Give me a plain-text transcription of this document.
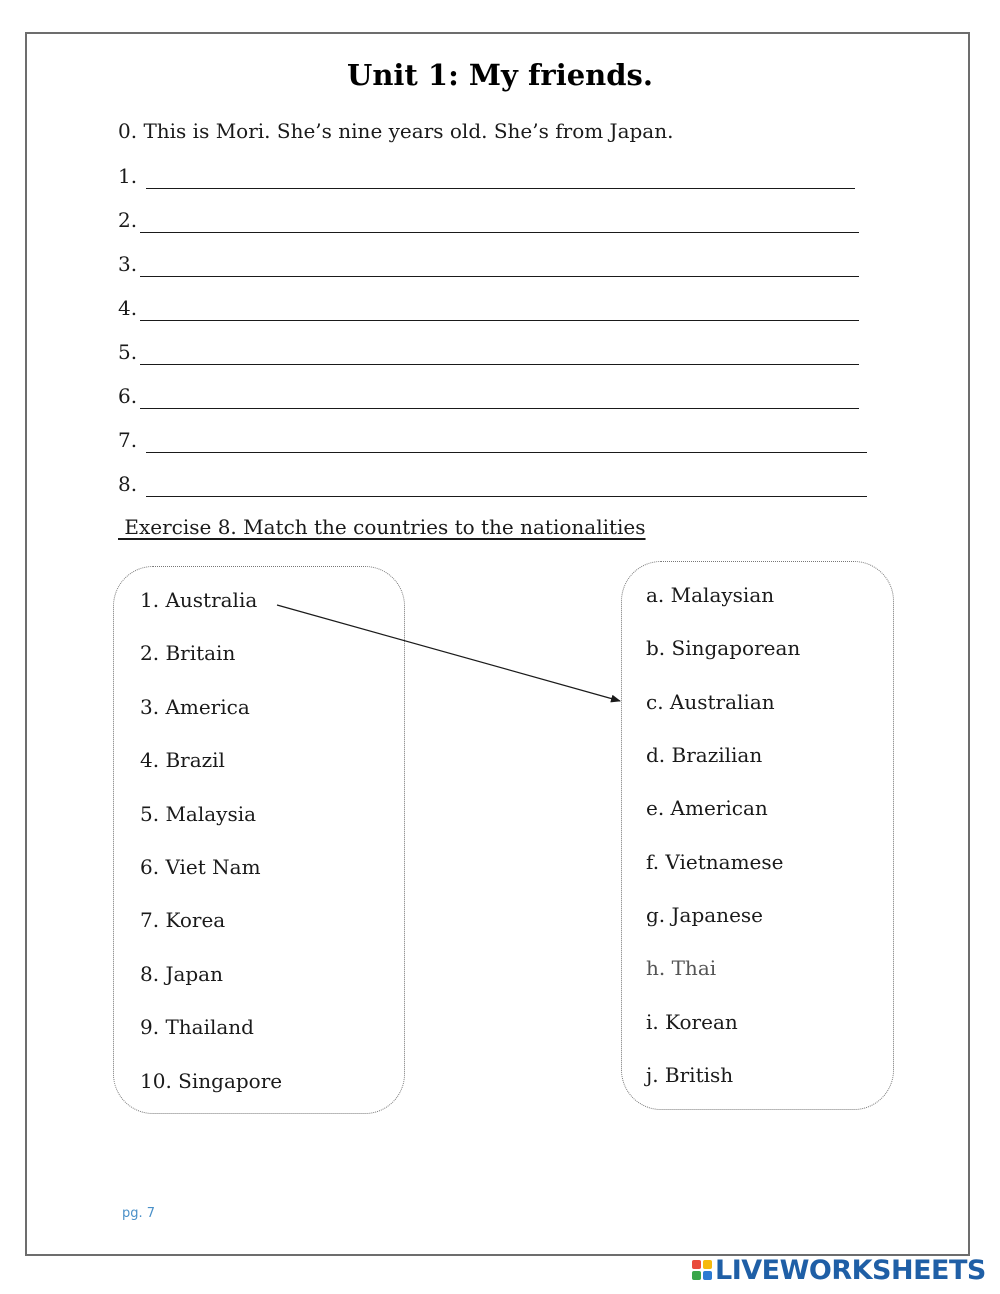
Unit 1: My friends.
0. This is Mori. She’s nine years old. She’s from Japan.
1.
2.
3.
4.
5.
6.
7.
8.
Exercise 8. Match the countries to the nationalities
1. Australia
2. Britain
3. America
4. Brazil
5. Malaysia
6. Viet Nam
7. Korea
8. Japan
9. Thailand
10. Singapore
a. Malaysian
b. Singaporean
c. Australian
d. Brazilian
e. American
f. Vietnamese
g. Japanese
h. Thai
i. Korean
j. British
pg. 7
LIVEWORKSHEETS
